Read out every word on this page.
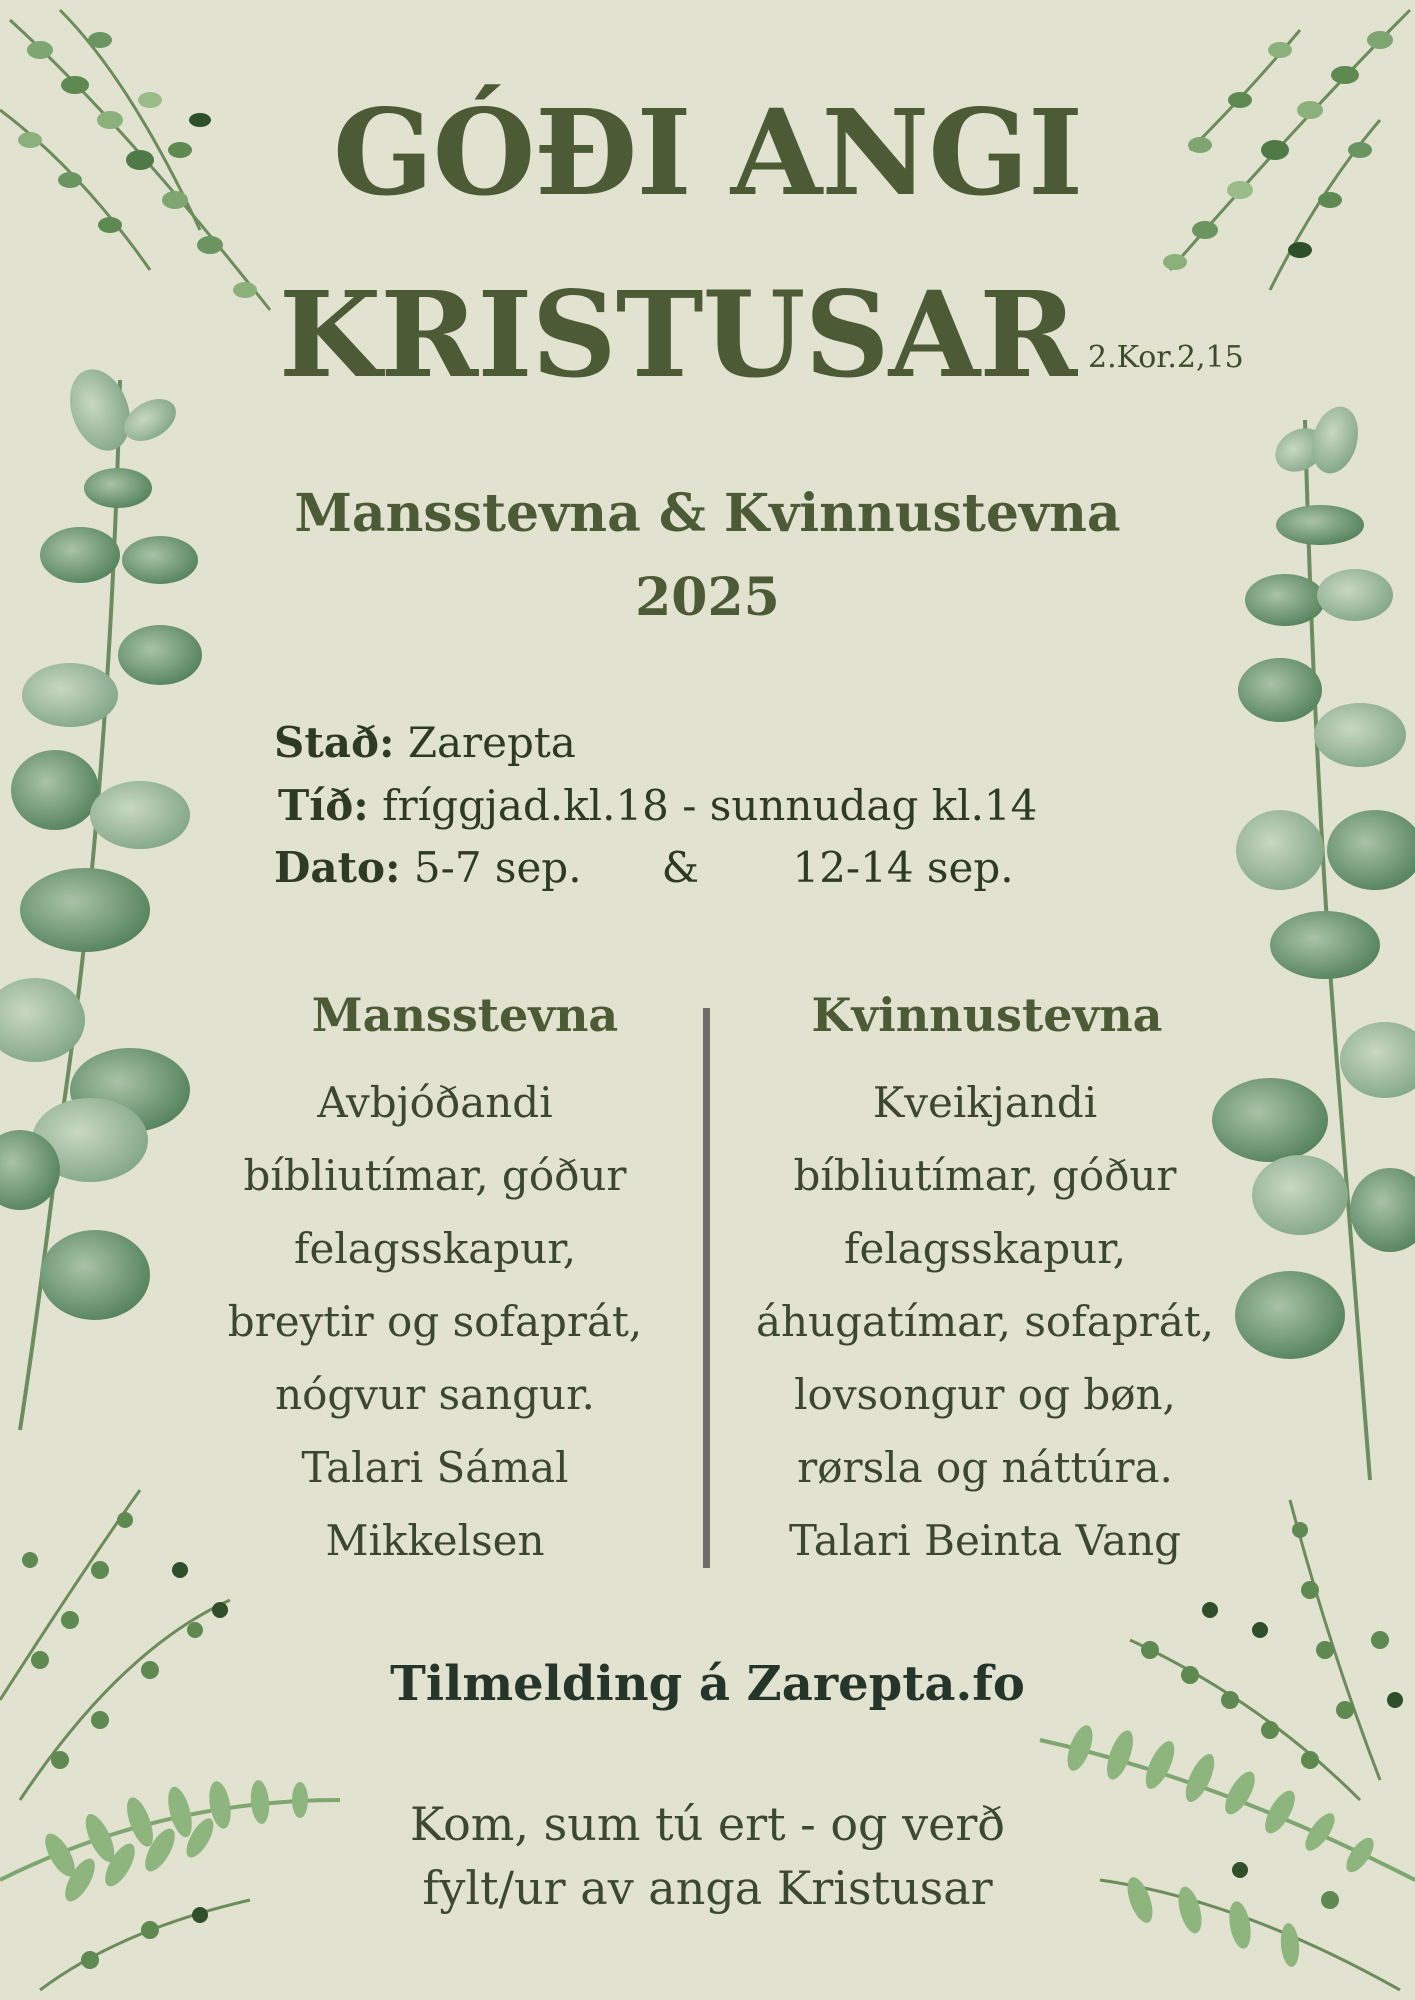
GÓÐI ANGI
KRISTUSAR 2.Kor.2,15
Mansstevna & Kvinnustevna
2025
Stað: Zarepta
Tíð: fríggjad.kl.18 - sunnudag kl.14
Dato: 5-7 sep.      &       12-14 sep.
Mansstevna	Kvinnustevna
Avbjóðandi
bíbliutímar, góður
felagsskapur,
breytir og sofaprát,
nógvur sangur.
Talari Sámal
Mikkelsen
Kveikjandi
bíbliutímar, góður
felagsskapur,
áhugatímar, sofaprát,
lovsongur og bøn,
rørsla og náttúra.
Talari Beinta Vang
Tilmelding á Zarepta.fo
Kom, sum tú ert - og verð
fylt/ur av anga Kristusar
